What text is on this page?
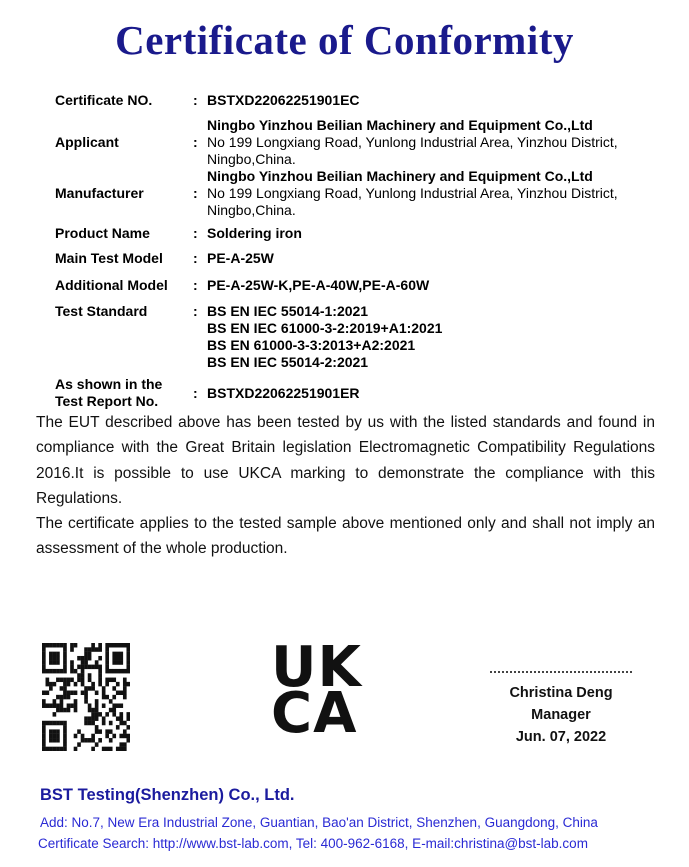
Certificate of Conformity
Certificate NO.	: BSTXD22062251901EC
Applicant	:
Ningbo Yinzhou Beilian Machinery and Equipment Co.,Ltd
No 199 Longxiang Road, Yunlong Industrial Area, Yinzhou District,
Ningbo,China.
Manufacturer	:
Ningbo Yinzhou Beilian Machinery and Equipment Co.,Ltd
No 199 Longxiang Road, Yunlong Industrial Area, Yinzhou District,
Ningbo,China.
Product Name	: Soldering iron
Main Test Model	: PE-A-25W
Additional Model	: PE-A-25W-K,PE-A-40W,PE-A-60W
Test Standard	: BS EN IEC 55014-1:2021
BS EN IEC 61000-3-2:2019+A1:2021
BS EN 61000-3-3:2013+A2:2021
BS EN IEC 55014-2:2021
As shown in the
Test Report No.
: BSTXD22062251901ER

The EUT described above has been tested by us with the listed standards and found in compliance with the Great Britain legislation Electromagnetic Compatibility Regulations 2016.It is possible to use UKCA marking to demonstrate the compliance with this Regulations.

The certificate applies to the tested sample above mentioned only and shall not imply an assessment of the whole production.

UK
CA	Christina Deng
Manager
Jun. 07, 2022
BST Testing(Shenzhen) Co., Ltd.
Add: No.7, New Era Industrial Zone, Guantian, Bao'an District, Shenzhen, Guangdong, China
Certificate Search: http://www.bst-lab.com, Tel: 400-962-6168, E-mail:christina@bst-lab.com
